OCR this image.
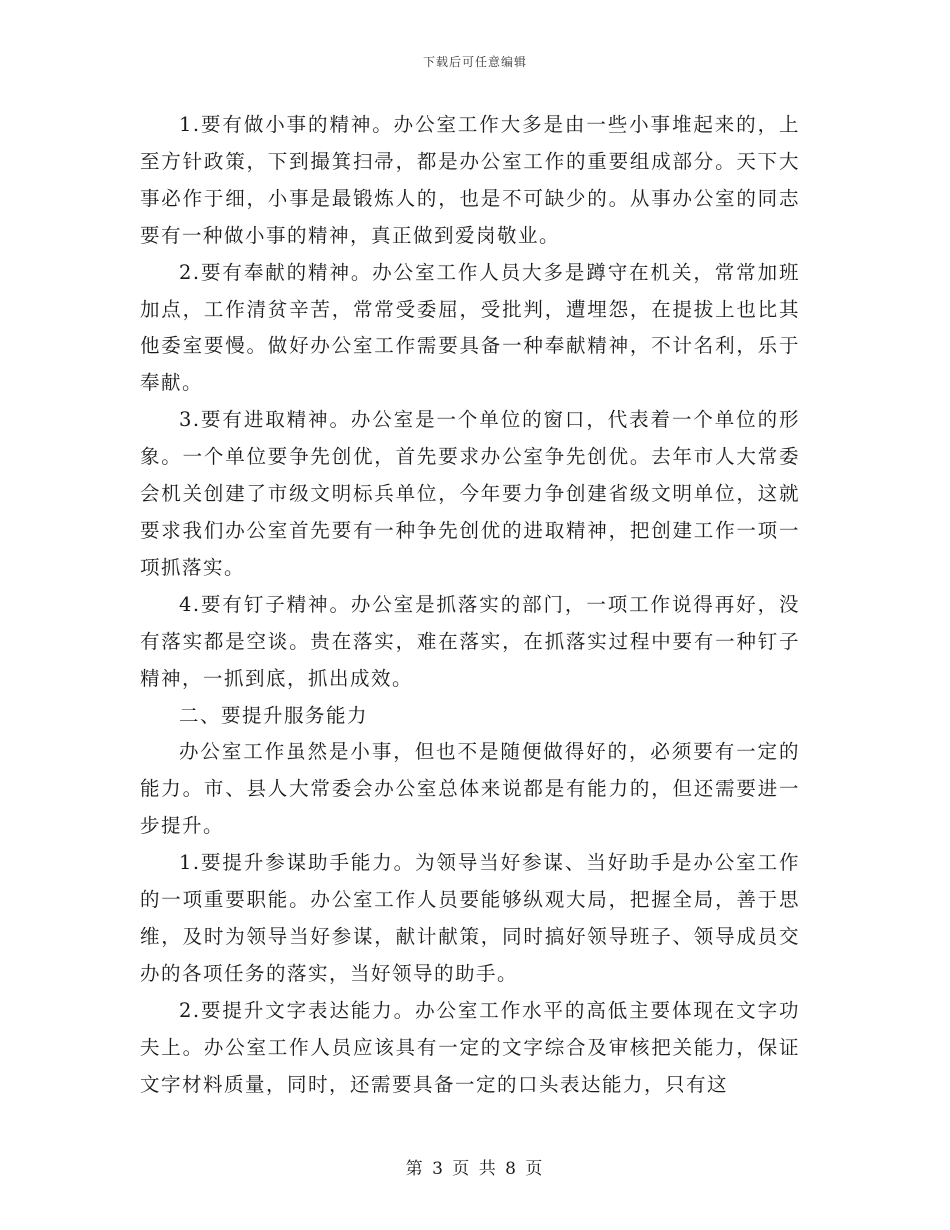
下载后可任意编辑

1.要有做小事的精神。办公室工作大多是由一些小事堆起来的，上至方针政策，下到撮箕扫帚，都是办公室工作的重要组成部分。天下大事必作于细，小事是最锻炼人的，也是不可缺少的。从事办公室的同志要有一种做小事的精神，真正做到爱岗敬业。

2.要有奉献的精神。办公室工作人员大多是蹲守在机关，常常加班加点，工作清贫辛苦，常常受委屈，受批判，遭埋怨，在提拔上也比其他委室要慢。做好办公室工作需要具备一种奉献精神，不计名利，乐于奉献。

3.要有进取精神。办公室是一个单位的窗口，代表着一个单位的形象。一个单位要争先创优，首先要求办公室争先创优。去年市人大常委会机关创建了市级文明标兵单位，今年要力争创建省级文明单位，这就要求我们办公室首先要有一种争先创优的进取精神，把创建工作一项一项抓落实。

4.要有钉子精神。办公室是抓落实的部门，一项工作说得再好，没有落实都是空谈。贵在落实，难在落实，在抓落实过程中要有一种钉子精神，一抓到底，抓出成效。

二、要提升服务能力

办公室工作虽然是小事，但也不是随便做得好的，必须要有一定的能力。市、县人大常委会办公室总体来说都是有能力的，但还需要进一步提升。

1.要提升参谋助手能力。为领导当好参谋、当好助手是办公室工作的一项重要职能。办公室工作人员要能够纵观大局，把握全局，善于思维，及时为领导当好参谋，献计献策，同时搞好领导班子、领导成员交办的各项任务的落实，当好领导的助手。

2.要提升文字表达能力。办公室工作水平的高低主要体现在文字功夫上。办公室工作人员应该具有一定的文字综合及审核把关能力，保证文字材料质量，同时，还需要具备一定的口头表达能力，只有这

第 3 页 共 8 页
